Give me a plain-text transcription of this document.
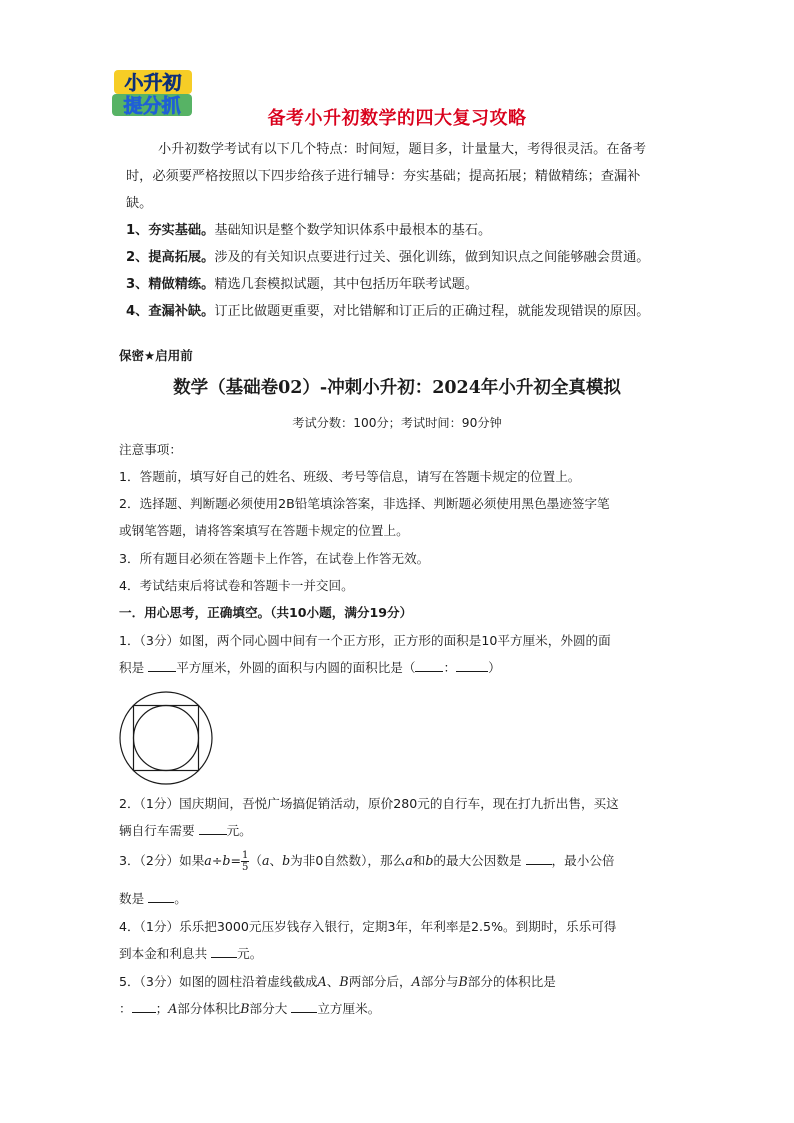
小升初
提分抓
备考小升初数学的四大复习攻略
小升初数学考试有以下几个特点：时间短，题目多，计量量大，考得很灵活。在备考
时，必须要严格按照以下四步给孩子进行辅导：夯实基础；提高拓展；精做精练；查漏补
缺。
1、夯实基础。基础知识是整个数学知识体系中最根本的基石。
2、提高拓展。涉及的有关知识点要进行过关、强化训练，做到知识点之间能够融会贯通。
3、精做精练。精选几套模拟试题，其中包括历年联考试题。
4、查漏补缺。订正比做题更重要，对比错解和订正后的正确过程，就能发现错误的原因。
保密★启用前
数学（基础卷02）-冲刺小升初：2024年小升初全真模拟
考试分数：100分；考试时间：90分钟
注意事项：
1．答题前，填写好自己的姓名、班级、考号等信息，请写在答题卡规定的位置上。
2．选择题、判断题必须使用2B铅笔填涂答案，非选择、判断题必须使用黑色墨迹签字笔
或钢笔答题，请将答案填写在答题卡规定的位置上。
3．所有题目必须在答题卡上作答，在试卷上作答无效。
4．考试结束后将试卷和答题卡一并交回。
一．用心思考，正确填空。（共10小题，满分19分）
1．（3分）如图，两个同心圆中间有一个正方形，正方形的面积是10平方厘米，外圆的面
积是 平方厘米，外圆的面积与内圆的面积比是（ ：	）
2．（1分）国庆期间，吾悦广场搞促销活动，原价280元的自行车，现在打九折出售，买这
辆自行车需要 元。
3．（2分）如果$a\div b= \frac{1}{5} (a$、b为非0自然数），那么a和b的最大公因数是 ，最小公倍
数是 。
4．（1分）乐乐把3000元压岁钱存入银行，定期3年，年利率是2.5%。到期时，乐乐可得
到本金和利息共 元。
5．（3分）如图的圆柱沿着虚线截成A、B两部分后，A部分与B部分的体积比是
： ；A部分体积比B部分大 立方厘米。
